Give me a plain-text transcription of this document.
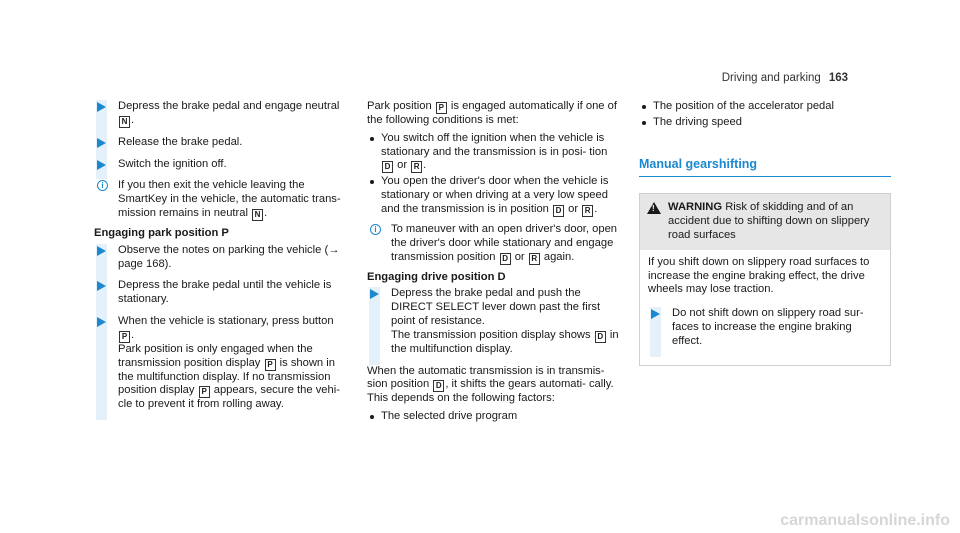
Driving and parking 163
Depress the brake pedal and engage neutral
N .
Release the brake pedal.
Switch the ignition off.
i	If you then exit the vehicle leaving the SmartKey in the vehicle, the automatic trans- mission remains in neutral N .
Engaging park position P
Observe the notes on parking the vehicle (→ page 168).
Depress the brake pedal until the vehicle is stationary.
When the vehicle is stationary, press button
P .
Park position is only engaged when the transmission position display P is shown in the multifunction display. If no transmission position display P appears, secure the vehi- cle to prevent it from rolling away.
Park position P is engaged automatically if one of the following conditions is met:
You switch off the ignition when the vehicle is stationary and the transmission is in posi- tion D or R .
You open the driver's door when the vehicle is stationary or when driving at a very low speed and the transmission is in position D or R .
i	To maneuver with an open driver's door, open the driver's door while stationary and engage transmission position D or R again.
Engaging drive position D
Depress the brake pedal and push the DIRECT SELECT lever down past the first point of resistance.
The transmission position display shows D in the multifunction display.
When the automatic transmission is in transmis- sion position D , it shifts the gears automati- cally. This depends on the following factors:
The selected drive program
The position of the accelerator pedal
The driving speed
Manual gearshifting
! WARNING Risk of skidding and of an accident due to shifting down on slippery road surfaces
If you shift down on slippery road surfaces to increase the engine braking effect, the drive wheels may lose traction.
Do not shift down on slippery road sur- faces to increase the engine braking effect.
carmanualsonline.info
